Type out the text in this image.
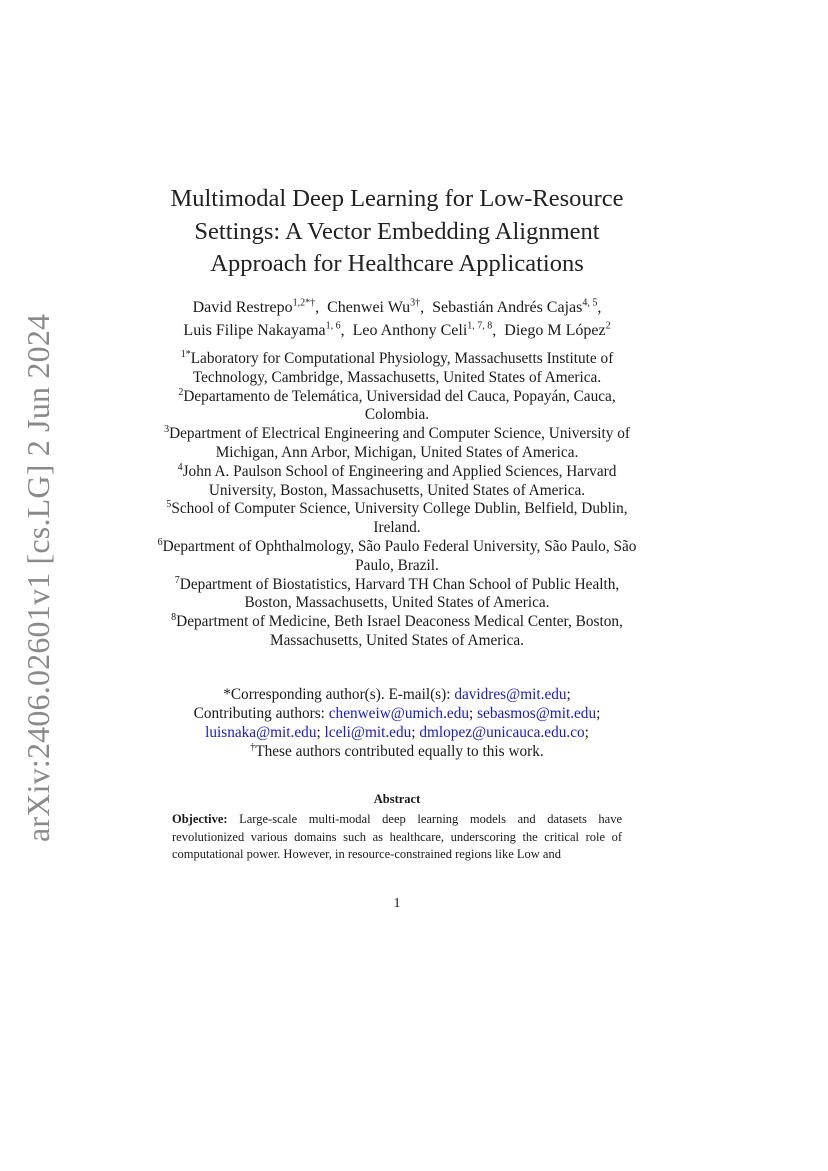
arXiv:2406.02601v1 [cs.LG] 2 Jun 2024
Multimodal Deep Learning for Low-Resource Settings: A Vector Embedding Alignment Approach for Healthcare Applications
David Restrepo$^{1,2*\dagger}$,  Chenwei $Wu^{3\dagger}$,  Sebastián Andrés Cajas$^{4, 5}$,
Luis Filipe Nakayama$^{1, 6}$,  Leo Anthony Celi$^{1, 7, 8}$,  Diego M López$^2$

$^{1*}$Laboratory for Computational Physiology, Massachusetts Institute of Technology, Cambridge, Massachusetts, United States of America.

$^2$Departamento de Telemática, Universidad del Cauca, Popayán, Cauca, Colombia.

$^3$Department of Electrical Engineering and Computer Science, University of Michigan, Ann Arbor, Michigan, United States of America.

$^4$John A. Paulson School of Engineering and Applied Sciences, Harvard University, Boston, Massachusetts, United States of America.

$^5$School of Computer Science, University College Dublin, Belfield, Dublin, Ireland.

$^6$Department of Ophthalmology, São Paulo Federal University, São Paulo, São Paulo, Brazil.

$^7$Department of Biostatistics, Harvard TH Chan School of Public Health, Boston, Massachusetts, United States of America.

$^8$Department of Medicine, Beth Israel Deaconess Medical Center, Boston, Massachusetts, United States of America.

*Corresponding author(s). E-mail(s): davidres@mit.edu;
Contributing authors: chenweiw@umich.edu; sebasmos@mit.edu;
luisnaka@mit.edu; lceli@mit.edu; dmlopez@unicauca.edu.co;
†These authors contributed equally to this work.
Abstract
Objective: Large-scale multi-modal deep learning models and datasets have revolutionized various domains such as healthcare, underscoring the critical role of computational power. However, in resource-constrained regions like Low and
1
